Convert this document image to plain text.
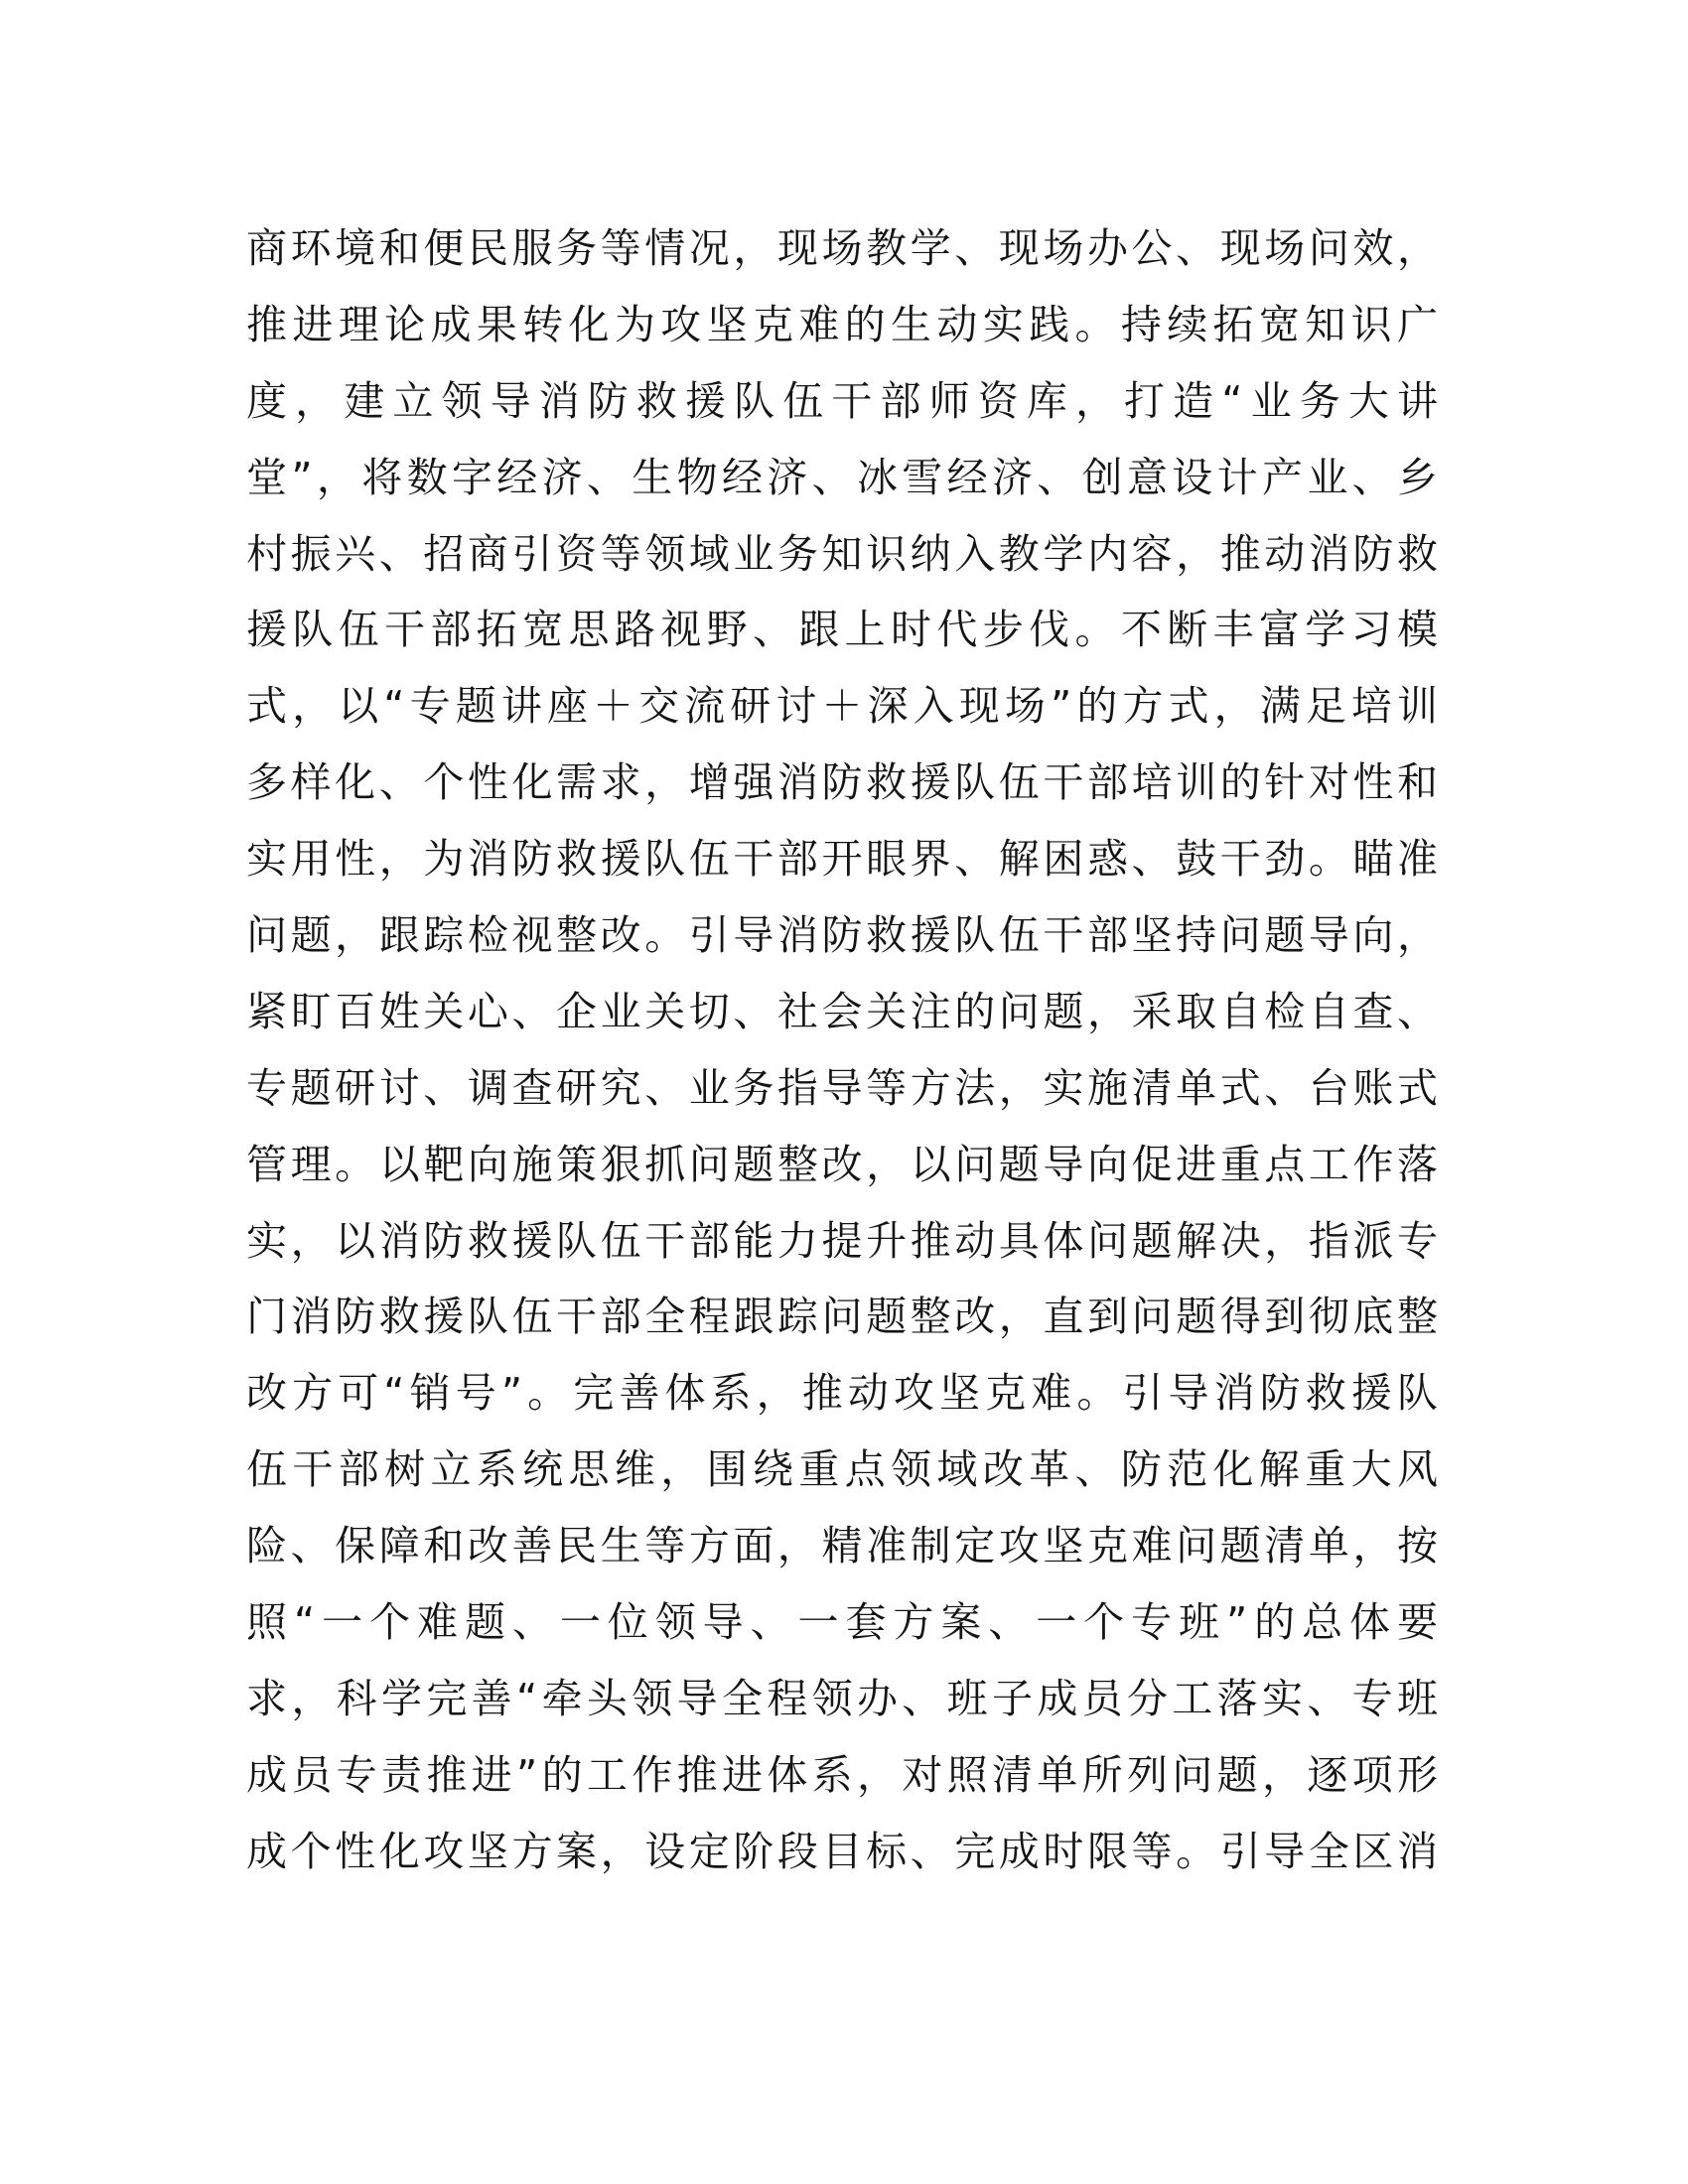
商环境和便民服务等情况，现场教学、现场办公、现场问效，
推进理论成果转化为攻坚克难的生动实践。持续拓宽知识广
度，建立领导消防救援队伍干部师资库，打造“业务大讲
堂”，将数字经济、生物经济、冰雪经济、创意设计产业、乡
村振兴、招商引资等领域业务知识纳入教学内容，推动消防救
援队伍干部拓宽思路视野、跟上时代步伐。不断丰富学习模
式，以“专题讲座＋交流研讨＋深入现场”的方式，满足培训
多样化、个性化需求，增强消防救援队伍干部培训的针对性和
实用性，为消防救援队伍干部开眼界、解困惑、鼓干劲。瞄准
问题，跟踪检视整改。引导消防救援队伍干部坚持问题导向，
紧盯百姓关心、企业关切、社会关注的问题，采取自检自查、
专题研讨、调查研究、业务指导等方法，实施清单式、台账式
管理。以靶向施策狠抓问题整改，以问题导向促进重点工作落
实，以消防救援队伍干部能力提升推动具体问题解决，指派专
门消防救援队伍干部全程跟踪问题整改，直到问题得到彻底整
改方可“销号”。完善体系，推动攻坚克难。引导消防救援队
伍干部树立系统思维，围绕重点领域改革、防范化解重大风
险、保障和改善民生等方面，精准制定攻坚克难问题清单，按
照“一个难题、一位领导、一套方案、一个专班”的总体要
求，科学完善“牵头领导全程领办、班子成员分工落实、专班
成员专责推进”的工作推进体系，对照清单所列问题，逐项形
成个性化攻坚方案，设定阶段目标、完成时限等。引导全区消
